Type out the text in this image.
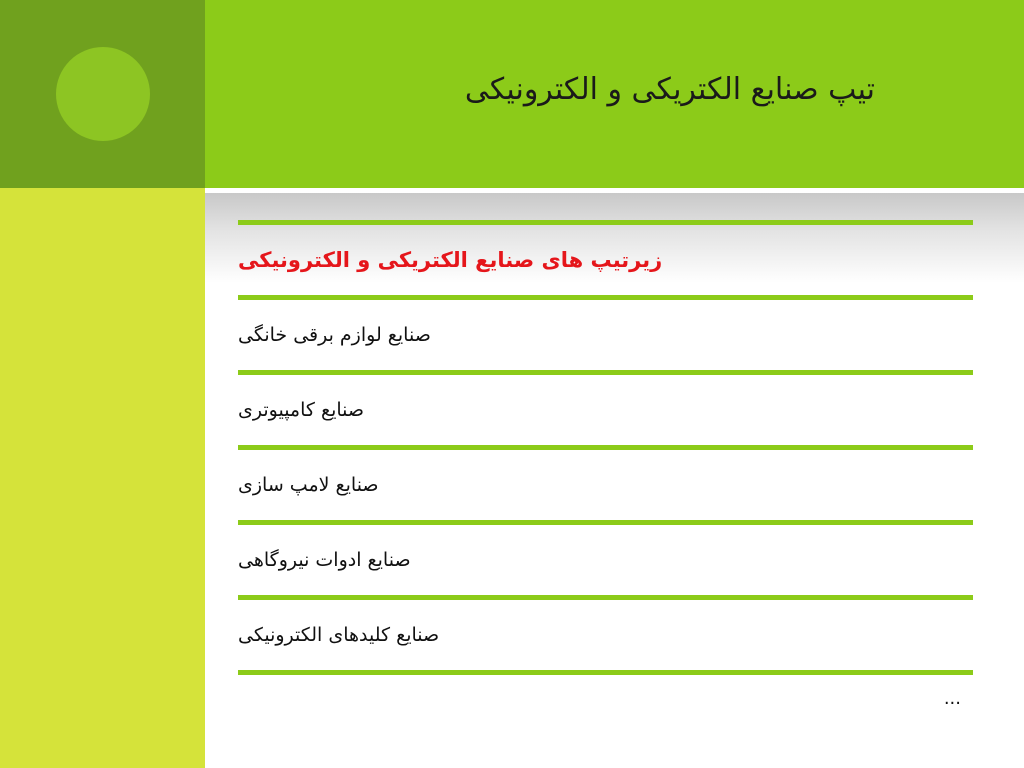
تیپ صنایع الکتریکی و الکترونیکی
زیرتیپ های صنایع الکتریکی و الکترونیکی
صنایع لوازم برقی خانگی
صنایع کامپیوتری
صنایع لامپ سازی
صنایع ادوات نیروگاهی
صنایع کلیدهای الکترونیکی
...
